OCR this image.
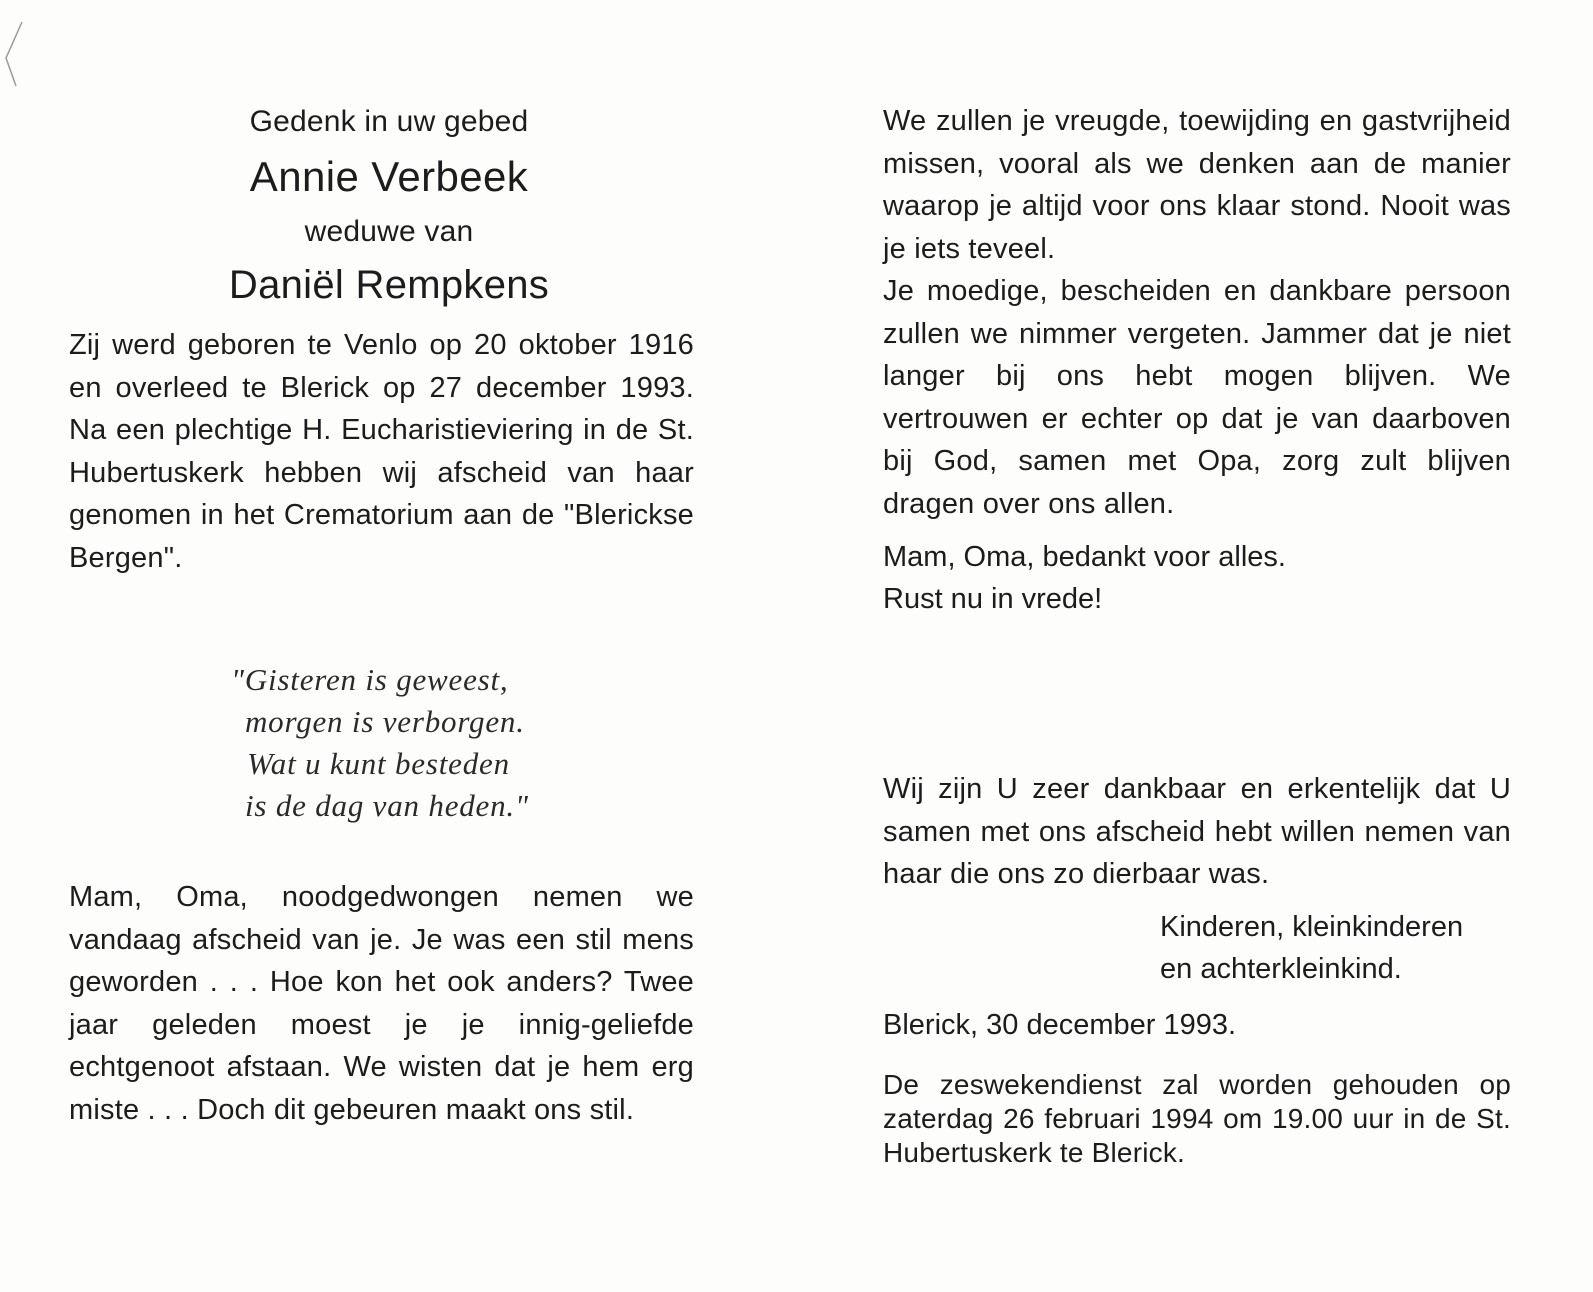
Gedenk in uw gebed

Annie Verbeek

weduwe van

Daniël Rempkens

Zij werd geboren te Venlo op 20 oktober 1916 en overleed te Blerick op 27 december 1993. Na een plechtige H. Eucharistieviering in de St. Hubertuskerk hebben wij afscheid van haar genomen in het Crematorium aan de "Blerickse Bergen".

"Gisteren is geweest,

morgen is verborgen.

Wat u kunt besteden

is de dag van heden."

Mam, Oma, noodgedwongen nemen we vandaag afscheid van je. Je was een stil mens geworden . . . Hoe kon het ook anders? Twee jaar geleden moest je je innig-geliefde echtgenoot afstaan. We wisten dat je hem erg miste . . . Doch dit gebeuren maakt ons stil.

We zullen je vreugde, toewijding en gastvrijheid missen, vooral als we denken aan de manier waarop je altijd voor ons klaar stond. Nooit was je iets teveel.

Je moedige, bescheiden en dankbare persoon zullen we nimmer vergeten. Jammer dat je niet langer bij ons hebt mogen blijven. We vertrouwen er echter op dat je van daarboven bij God, samen met Opa, zorg zult blijven dragen over ons allen.

Mam, Oma, bedankt voor alles.

Rust nu in vrede!

Wij zijn U zeer dankbaar en erkentelijk dat U samen met ons afscheid hebt willen nemen van haar die ons zo dierbaar was.

Kinderen, kleinkinderen

en achterkleinkind.

Blerick, 30 december 1993.

De zeswekendienst zal worden gehouden op zaterdag 26 februari 1994 om 19.00 uur in de St. Hubertuskerk te Blerick.
